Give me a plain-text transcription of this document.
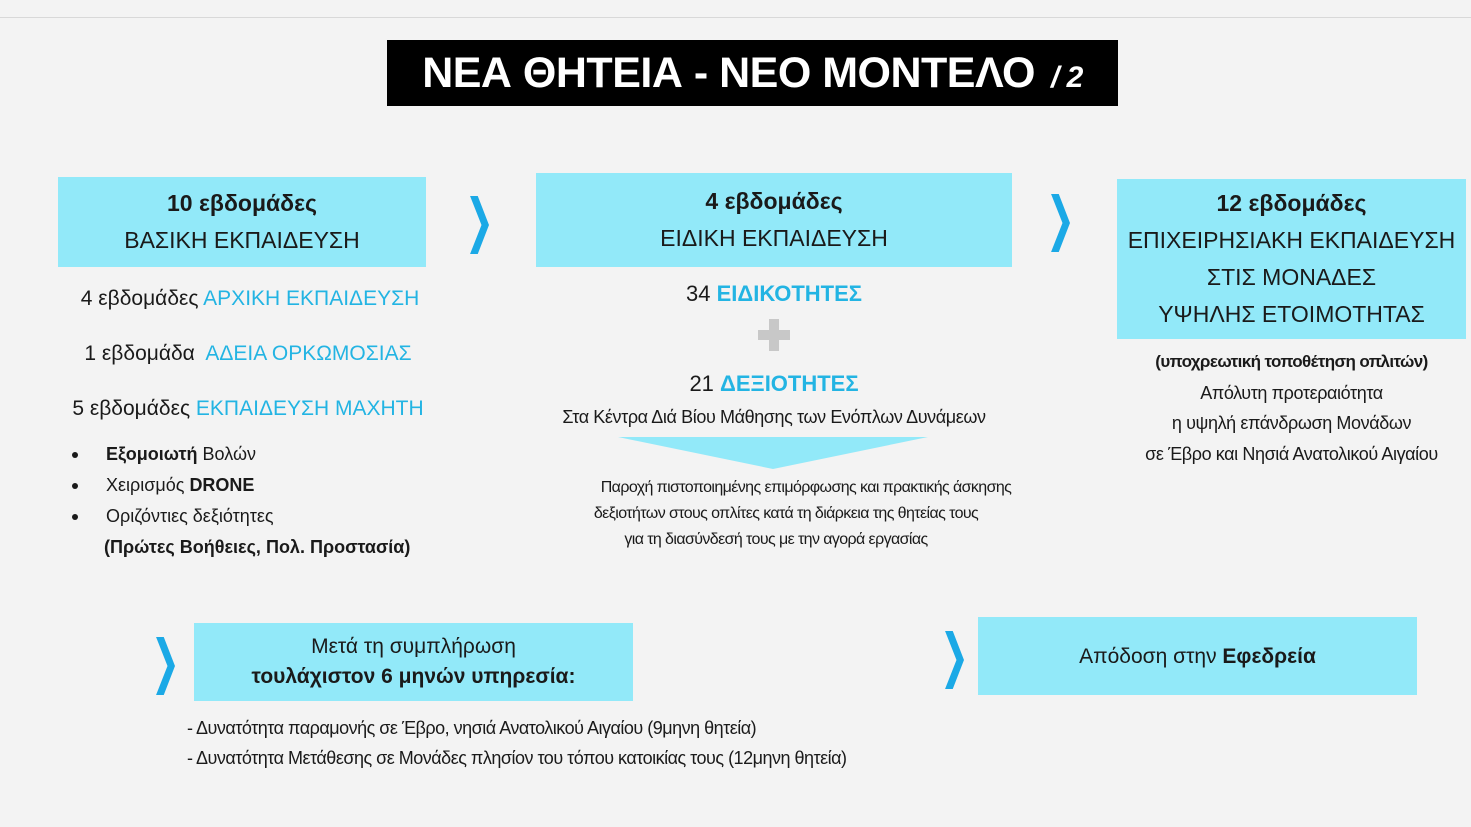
ΝΕΑ ΘΗΤΕΙΑ - ΝΕΟ ΜΟΝΤΕΛΟ / 2
10 εβδομάδες
ΒΑΣΙΚΗ ΕΚΠΑΙΔΕΥΣΗ ❯	4 εβδομάδες
ΕΙΔΙΚΗ ΕΚΠΑΙΔΕΥΣΗ	❯	12 εβδομάδες
ΕΠΙΧΕΙΡΗΣΙΑΚΗ ΕΚΠΑΙΔΕΥΣΗ
ΣΤΙΣ ΜΟΝΑΔΕΣ
ΥΨΗΛΗΣ ΕΤΟΙΜΟΤΗΤΑΣ
4 εβδομάδες ΑΡΧΙΚΗ ΕΚΠΑΙΔΕΥΣΗ
1 εβδομάδα  ΑΔΕΙΑ ΟΡΚΩΜΟΣΙΑΣ
5 εβδομάδες ΕΚΠΑΙΔΕΥΣΗ ΜΑΧΗΤΗ
Εξομοιωτή Βολών
Χειρισμός DRONE
Οριζόντιες δεξιότητες
(Πρώτες Βοήθειες, Πολ. Προστασία)
34 ΕΙΔΙΚΟΤΗΤΕΣ
21 ΔΕΞΙΟΤΗΤΕΣ
Στα Κέντρα Διά Βίου Μάθησης των Ενόπλων Δυνάμεων
Παροχή πιστοποιημένης επιμόρφωσης και πρακτικής άσκησης
δεξιοτήτων στους οπλίτες κατά τη διάρκεια της θητείας τους
για τη διασύνδεσή τους με την αγορά εργασίας
(υποχρεωτική τοποθέτηση οπλιτών)
Απόλυτη προτεραιότητα
η υψηλή επάνδρωση Μονάδων
σε Έβρο και Νησιά Ανατολικού Αιγαίου
❯	Μετά τη συμπλήρωση
τουλάχιστον 6 μηνών υπηρεσία:
- Δυνατότητα παραμονής σε Έβρο, νησιά Ανατολικού Αιγαίου (9μηνη θητεία)
- Δυνατότητα Μετάθεσης σε Μονάδες πλησίον του τόπου κατοικίας τους (12μηνη θητεία)
❯	Απόδοση στην Εφεδρεία
